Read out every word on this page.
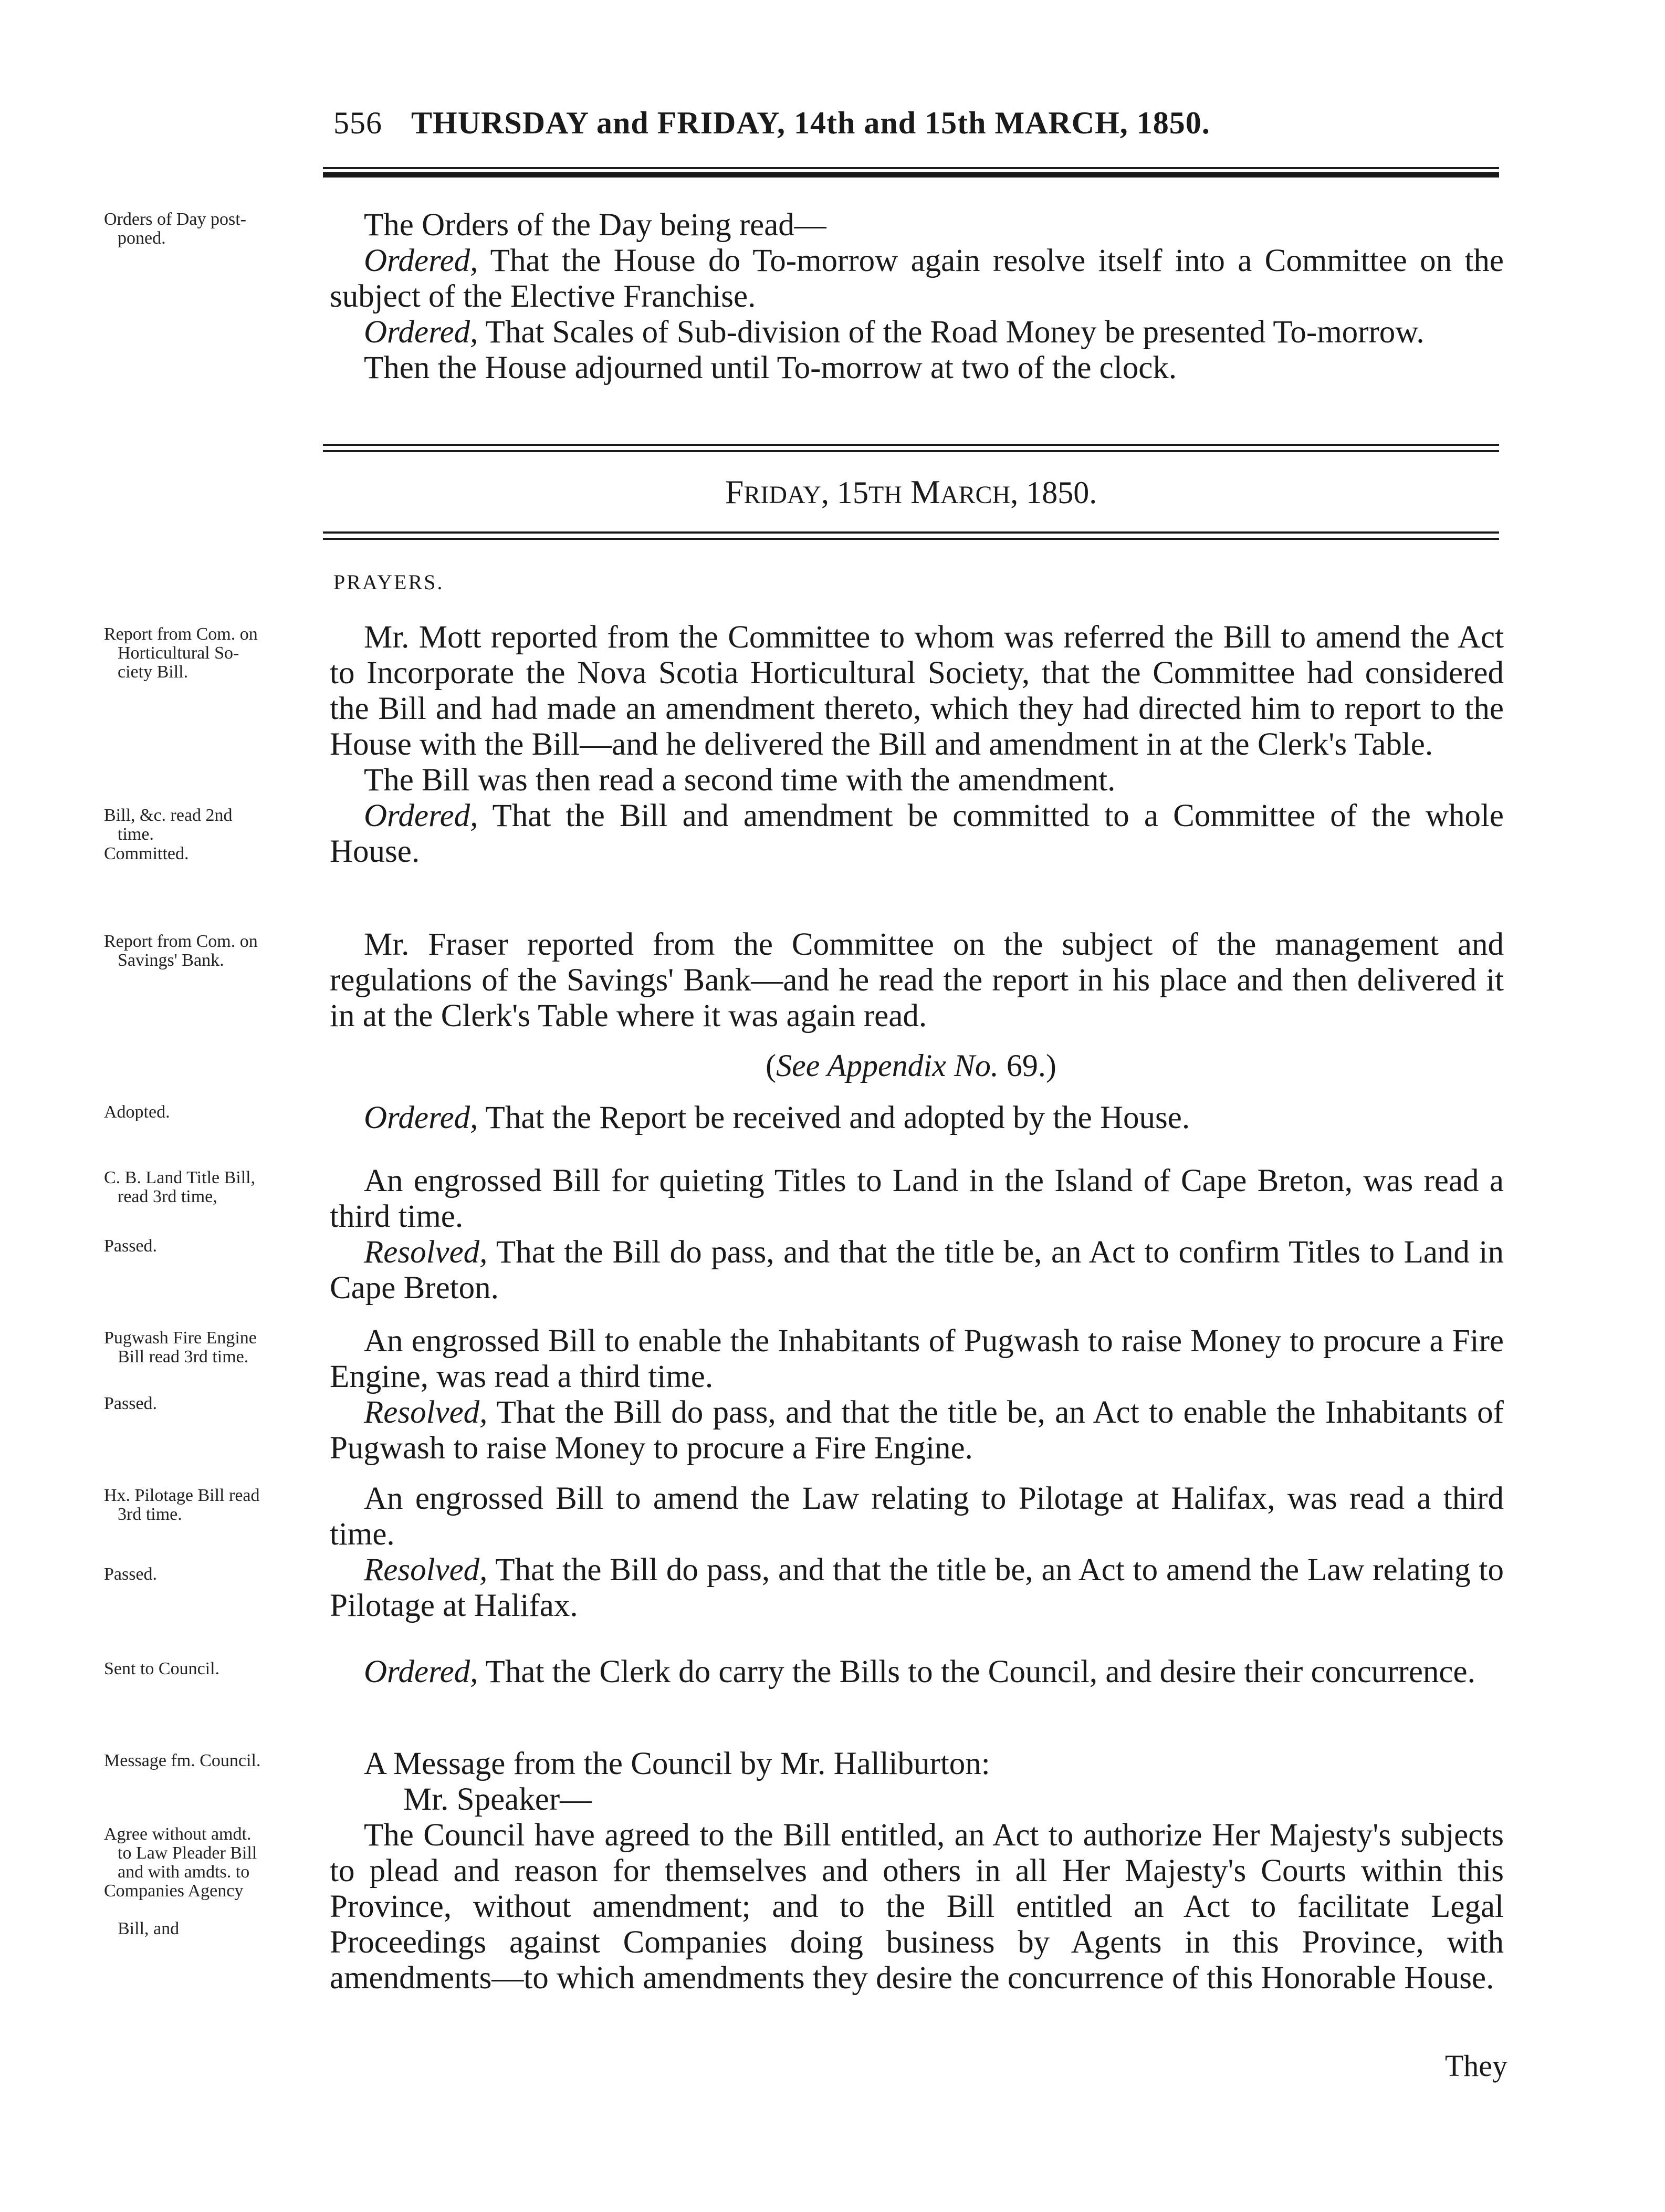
556 THURSDAY and FRIDAY, 14th and 15th MARCH, 1850.
Orders of Day post-
poned.	The Orders of the Day being read—

Ordered, That the House do To-morrow again resolve itself into a Committee on the subject of the Elective Franchise.

Ordered, That Scales of Sub-division of the Road Money be presented To-morrow.

Then the House adjourned until To-morrow at two of the clock.

FRIDAY, 15TH MARCH, 1850.
PRAYERS.
Report from Com. on
Horticultural So-
ciety Bill.
Bill, &c. read 2nd
time.
Committed.
Report from Com. on
Savings' Bank.
Adopted.
C. B. Land Title Bill,
read 3rd time,
Passed.
Pugwash Fire Engine
Bill read 3rd time.
Passed.
Hx. Pilotage Bill read
3rd time.
Passed.
Sent to Council.
Message fm. Council.
Agree without amdt.
to Law Pleader Bill
and with amdts. to

Companies Agency

Bill, and

Mr. Mott reported from the Committee to whom was referred the Bill to amend the Act to Incorporate the Nova Scotia Horticultural Society, that the Committee had considered the Bill and had made an amendment thereto, which they had directed him to report to the House with the Bill—and he delivered the Bill and amendment in at the Clerk's Table.

The Bill was then read a second time with the amendment.

Ordered, That the Bill and amendment be committed to a Committee of the whole House.

Mr. Fraser reported from the Committee on the subject of the management and regulations of the Savings' Bank—and he read the report in his place and then delivered it in at the Clerk's Table where it was again read.

(See Appendix No. 69.)

Ordered, That the Report be received and adopted by the House.

An engrossed Bill for quieting Titles to Land in the Island of Cape Breton, was read a third time.

Resolved, That the Bill do pass, and that the title be, an Act to confirm Titles to Land in Cape Breton.

An engrossed Bill to enable the Inhabitants of Pugwash to raise Money to procure a Fire Engine, was read a third time.

Resolved, That the Bill do pass, and that the title be, an Act to enable the Inhabitants of Pugwash to raise Money to procure a Fire Engine.

An engrossed Bill to amend the Law relating to Pilotage at Halifax, was read a third time.

Resolved, That the Bill do pass, and that the title be, an Act to amend the Law relating to Pilotage at Halifax.

Ordered, That the Clerk do carry the Bills to the Council, and desire their concurrence.

A Message from the Council by Mr. Halliburton:

Mr. Speaker—

The Council have agreed to the Bill entitled, an Act to authorize Her Majesty's subjects to plead and reason for themselves and others in all Her Majesty's Courts within this Province, without amendment; and to the Bill entitled an Act to facilitate Legal Proceedings against Companies doing business by Agents in this Province, with amendments—to which amendments they desire the concurrence of this Honorable House.

They
